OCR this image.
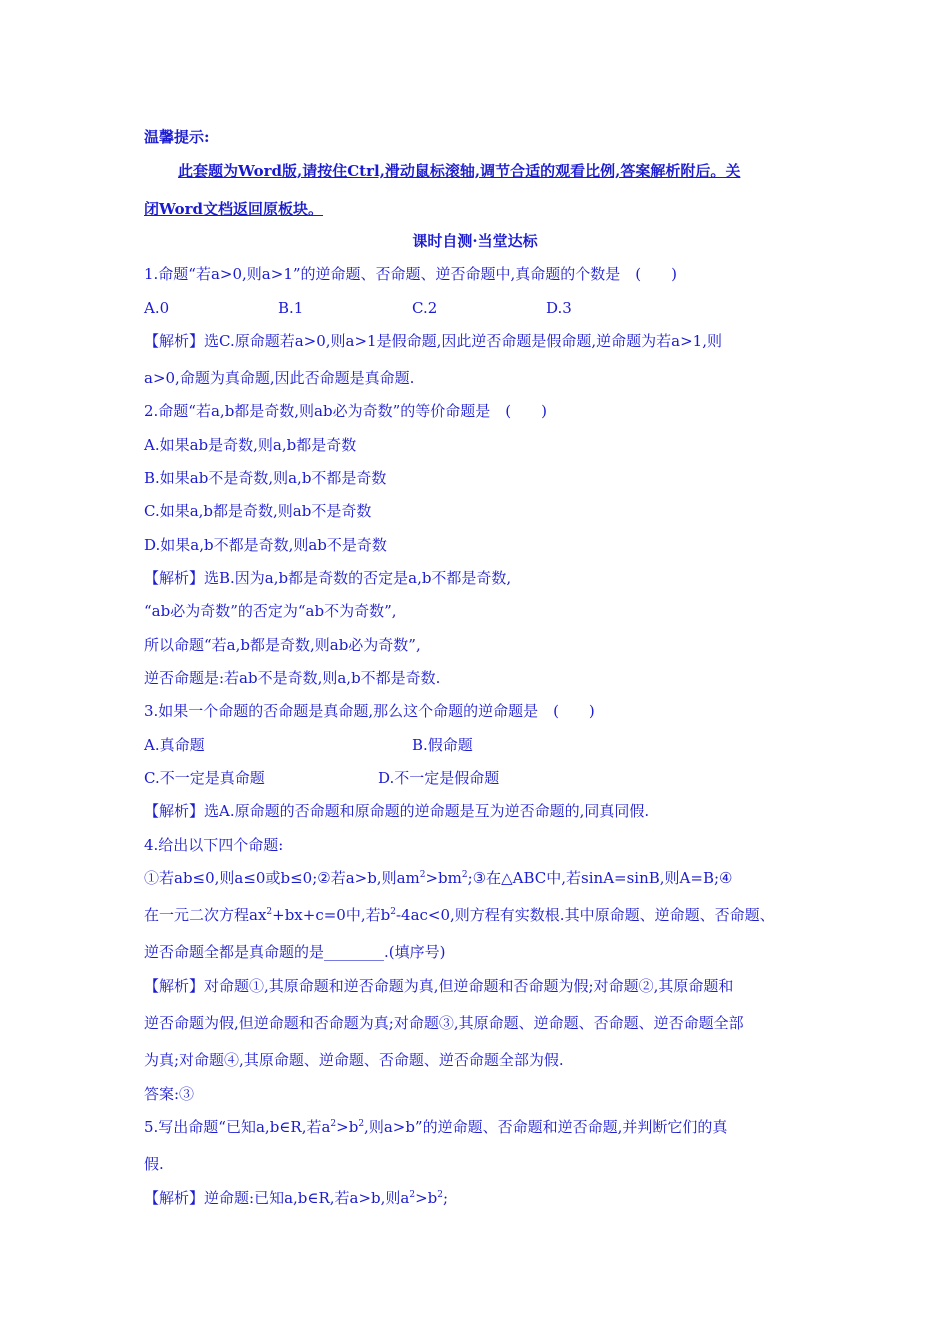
温馨提示:
此套题为Word版,请按住Ctrl,滑动鼠标滚轴,调节合适的观看比例,答案解析附后。关
闭Word文档返回原板块。
课时自测·当堂达标
1.命题“若a>0,则a>1”的逆命题、否命题、逆否命题中,真命题的个数是　(　　)
A.0	B.1	C.2	D.3
【解析】选C.原命题若a>0,则a>1是假命题,因此逆否命题是假命题,逆命题为若a>1,则
a>0,命题为真命题,因此否命题是真命题.
2.命题“若a,b都是奇数,则ab必为奇数”的等价命题是　(　　)
A.如果ab是奇数,则a,b都是奇数
B.如果ab不是奇数,则a,b不都是奇数
C.如果a,b都是奇数,则ab不是奇数
D.如果a,b不都是奇数,则ab不是奇数
【解析】选B.因为a,b都是奇数的否定是a,b不都是奇数,
“ab必为奇数”的否定为“ab不为奇数”,
所以命题“若a,b都是奇数,则ab必为奇数”,
逆否命题是:若ab不是奇数,则a,b不都是奇数.
3.如果一个命题的否命题是真命题,那么这个命题的逆命题是　(　　)
A.真命题	B.假命题
C.不一定是真命题	D.不一定是假命题
【解析】选A.原命题的否命题和原命题的逆命题是互为逆否命题的,同真同假.
4.给出以下四个命题:
①若ab≤0,则a≤0或b≤0;②若a>b,则$am^2>bm^2;③$在△ABC中,若sinA=sinB,则A=B;④
在一元二次方程$ax^2+bx+c=0$中,若$b^2-4ac<0$,则方程有实数根.其中原命题、逆命题、否命题、
逆否命题全都是真命题的是________.(填序号)
【解析】对命题①,其原命题和逆否命题为真,但逆命题和否命题为假;对命题②,其原命题和
逆否命题为假,但逆命题和否命题为真;对命题③,其原命题、逆命题、否命题、逆否命题全部
为真;对命题④,其原命题、逆命题、否命题、逆否命题全部为假.
答案:③
5.写出命题“已知a,b∈R,若$a^2>b^2$,则a>b”的逆命题、否命题和逆否命题,并判断它们的真
假.
【解析】逆命题:已知a,b∈R,若a>b,则$a^2>b^2$;
